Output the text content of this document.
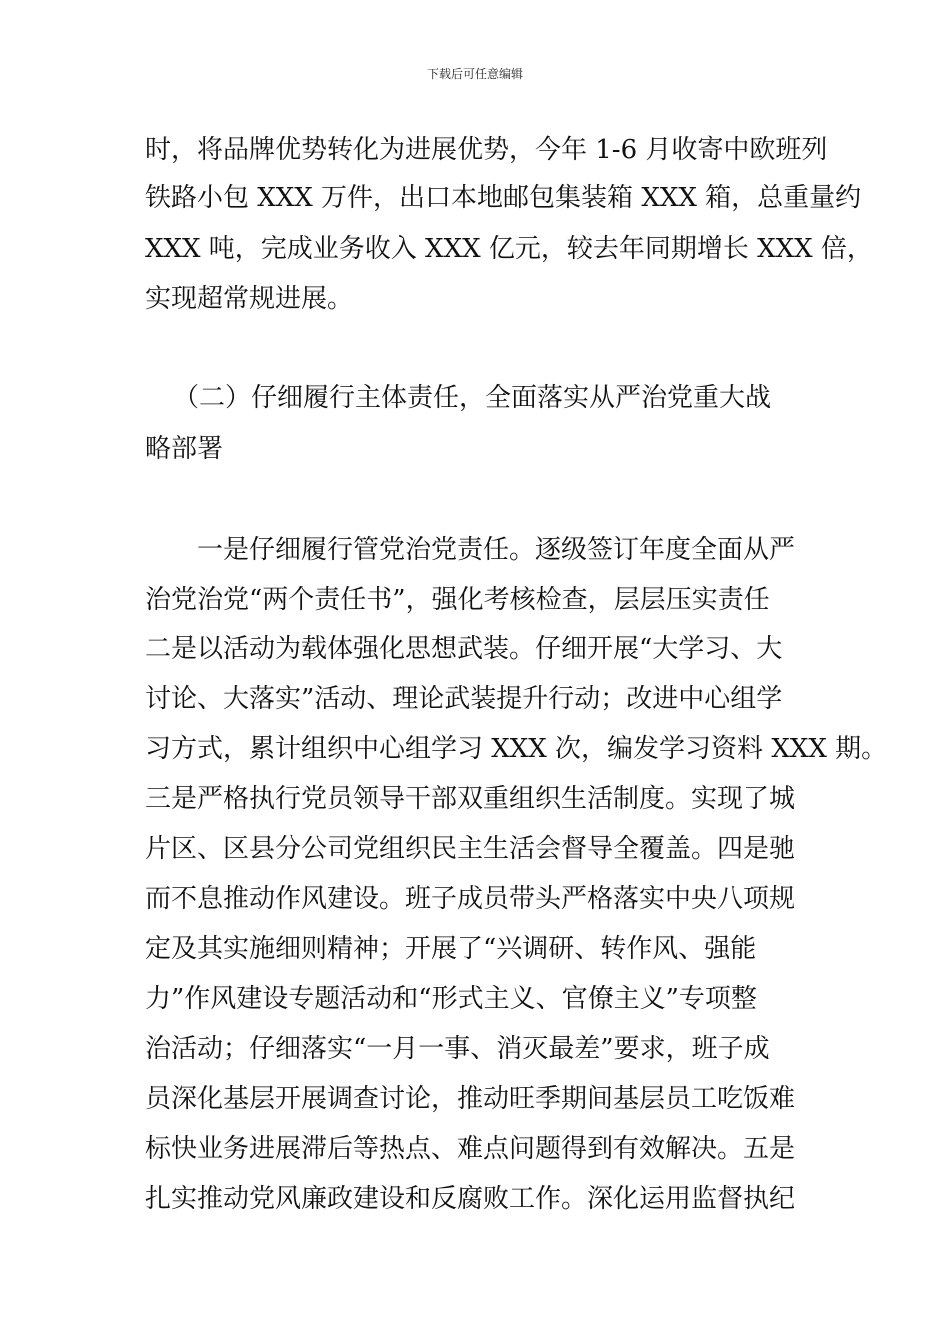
下载后可任意编辑
时，将品牌优势转化为进展优势，今年 1-6 月收寄中欧班列
铁路小包 XXX 万件，出口本地邮包集装箱 XXX 箱，总重量约
XXX 吨，完成业务收入 XXX 亿元，较去年同期增长 XXX 倍，
实现超常规进展。
（二）仔细履行主体责任，全面落实从严治党重大战
略部署
一是仔细履行管党治党责任。逐级签订年度全面从严
治党治党“两个责任书”，强化考核检查，层层压实责任
二是以活动为载体强化思想武装。仔细开展“大学习、大
讨论、大落实”活动、理论武装提升行动；改进中心组学
习方式，累计组织中心组学习 XXX 次，编发学习资料 XXX 期。
三是严格执行党员领导干部双重组织生活制度。实现了城
片区、区县分公司党组织民主生活会督导全覆盖。四是驰
而不息推动作风建设。班子成员带头严格落实中央八项规
定及其实施细则精神；开展了“兴调研、转作风、强能
力”作风建设专题活动和“形式主义、官僚主义”专项整
治活动；仔细落实“一月一事、消灭最差”要求，班子成
员深化基层开展调查讨论，推动旺季期间基层员工吃饭难
标快业务进展滞后等热点、难点问题得到有效解决。五是
扎实推动党风廉政建设和反腐败工作。深化运用监督执纪
